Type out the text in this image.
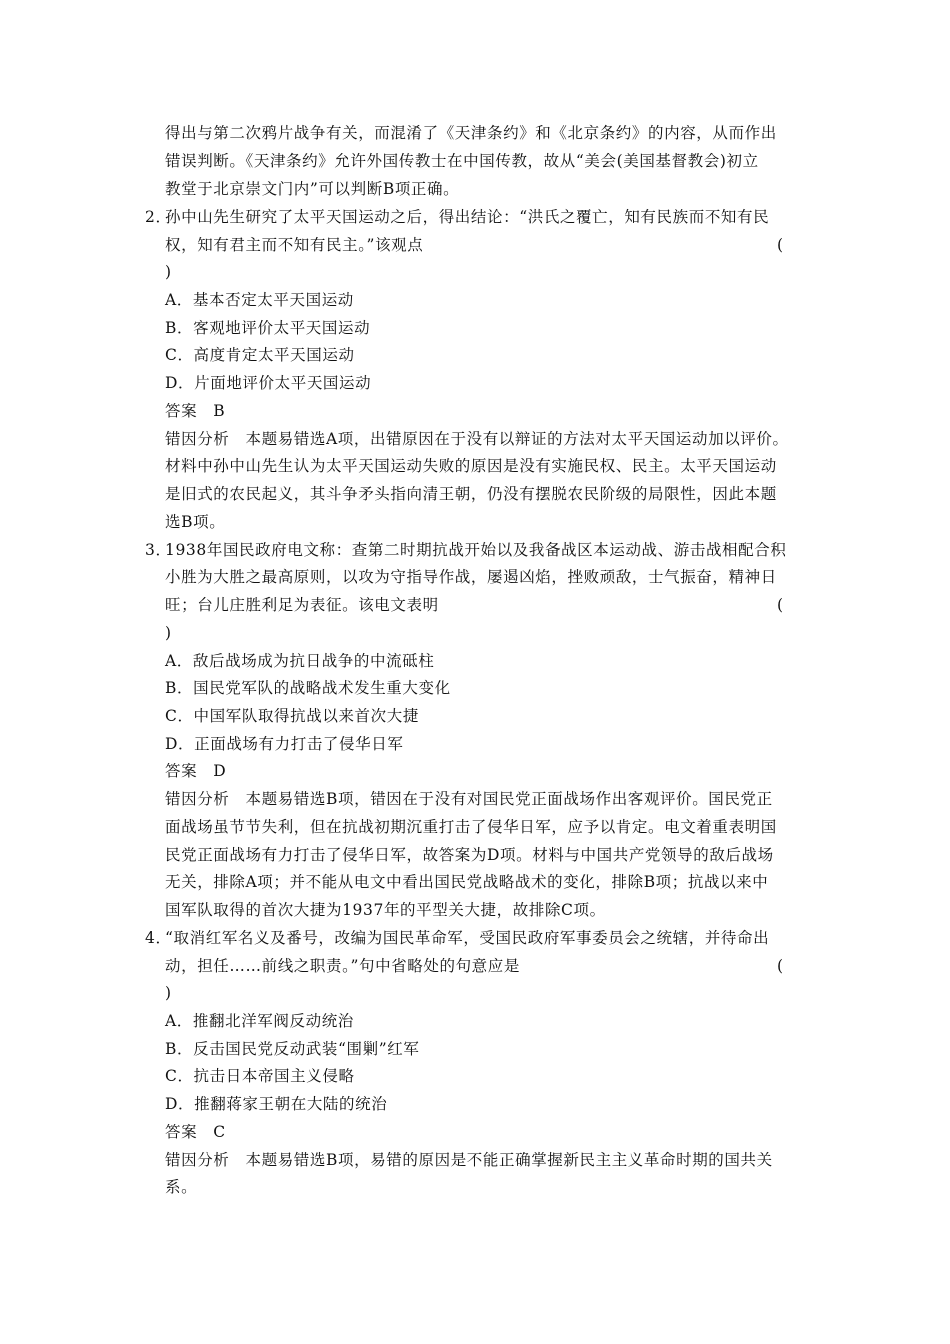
得出与第二次鸦片战争有关，而混淆了《天津条约》和《北京条约》的内容，从而作出
错误判断。《天津条约》允许外国传教士在中国传教，故从“美会(美国基督教会)初立
教堂于北京崇文门内”可以判断B项正确。
2．
孙中山先生研究了太平天国运动之后，得出结论：“洪氏之覆亡，知有民族而不知有民
权，知有君主而不知有民主。”该观点	(
)
A．基本否定太平天国运动
B．客观地评价太平天国运动
C．高度肯定太平天国运动
D．片面地评价太平天国运动
答案　B
错因分析　本题易错选A项，出错原因在于没有以辩证的方法对太平天国运动加以评价。
材料中孙中山先生认为太平天国运动失败的原因是没有实施民权、民主。太平天国运动
是旧式的农民起义，其斗争矛头指向清王朝，仍没有摆脱农民阶级的局限性，因此本题
选B项。
3．
1938年国民政府电文称：查第二时期抗战开始以及我备战区本运动战、游击战相配合积
小胜为大胜之最高原则，以攻为守指导作战，屡遏凶焰，挫败顽敌，士气振奋，精神日
旺；台儿庄胜利足为表征。该电文表明	(
)
A．敌后战场成为抗日战争的中流砥柱
B．国民党军队的战略战术发生重大变化
C．中国军队取得抗战以来首次大捷
D．正面战场有力打击了侵华日军
答案　D
错因分析　本题易错选B项，错因在于没有对国民党正面战场作出客观评价。国民党正
面战场虽节节失利，但在抗战初期沉重打击了侵华日军，应予以肯定。电文着重表明国
民党正面战场有力打击了侵华日军，故答案为D项。材料与中国共产党领导的敌后战场
无关，排除A项；并不能从电文中看出国民党战略战术的变化，排除B项；抗战以来中
国军队取得的首次大捷为1937年的平型关大捷，故排除C项。
4．
“取消红军名义及番号，改编为国民革命军，受国民政府军事委员会之统辖，并待命出
动，担任……前线之职责。”句中省略处的句意应是	(
)
A．推翻北洋军阀反动统治
B．反击国民党反动武装“围剿”红军
C．抗击日本帝国主义侵略
D．推翻蒋家王朝在大陆的统治
答案　C
错因分析　本题易错选B项，易错的原因是不能正确掌握新民主主义革命时期的国共关
系。
